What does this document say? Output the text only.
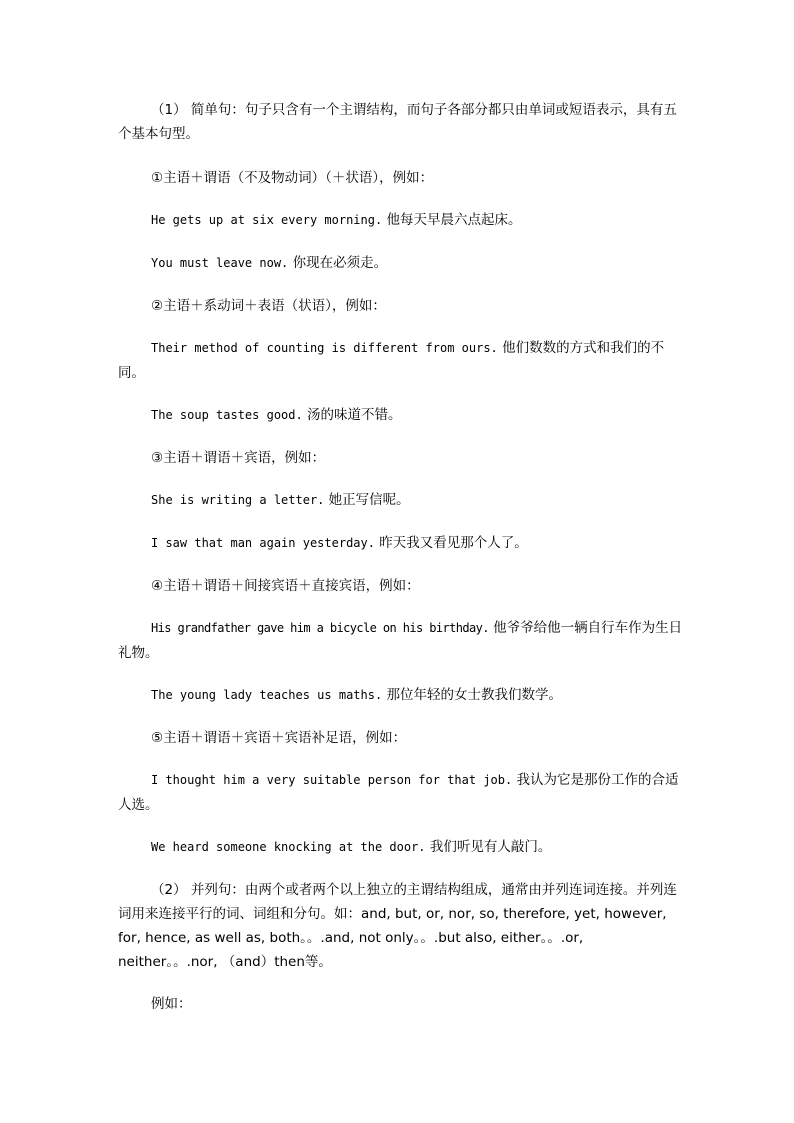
（1） 简单句：句子只含有一个主谓结构，而句子各部分都只由单词或短语表示，具有五个基本句型。

①主语＋谓语（不及物动词）（＋状语），例如：

He gets up at six every morning. 他每天早晨六点起床。

You must leave now. 你现在必须走。

②主语＋系动词＋表语（状语），例如：

Their method of counting is different from ours. 他们数数的方式和我们的不同。

The soup tastes good. 汤的味道不错。

③主语＋谓语＋宾语，例如：

She is writing a letter. 她正写信呢。

I saw that man again yesterday. 昨天我又看见那个人了。

④主语＋谓语＋间接宾语＋直接宾语，例如：

His grandfather gave him a bicycle on his birthday. 他爷爷给他一辆自行车作为生日礼物。

The young lady teaches us maths. 那位年轻的女士教我们数学。

⑤主语＋谓语＋宾语＋宾语补足语，例如：

I thought him a very suitable person for that job. 我认为它是那份工作的合适人选。

We heard someone knocking at the door. 我们听见有人敲门。

（2） 并列句：由两个或者两个以上独立的主谓结构组成，通常由并列连词连接。并列连词用来连接平行的词、词组和分句。如：and, but, or, nor, so, therefore, yet, however, for, hence, as well as, both。。.and, not only。。.but also, either。。.or, neither。。.nor, （and）then等。

例如：
